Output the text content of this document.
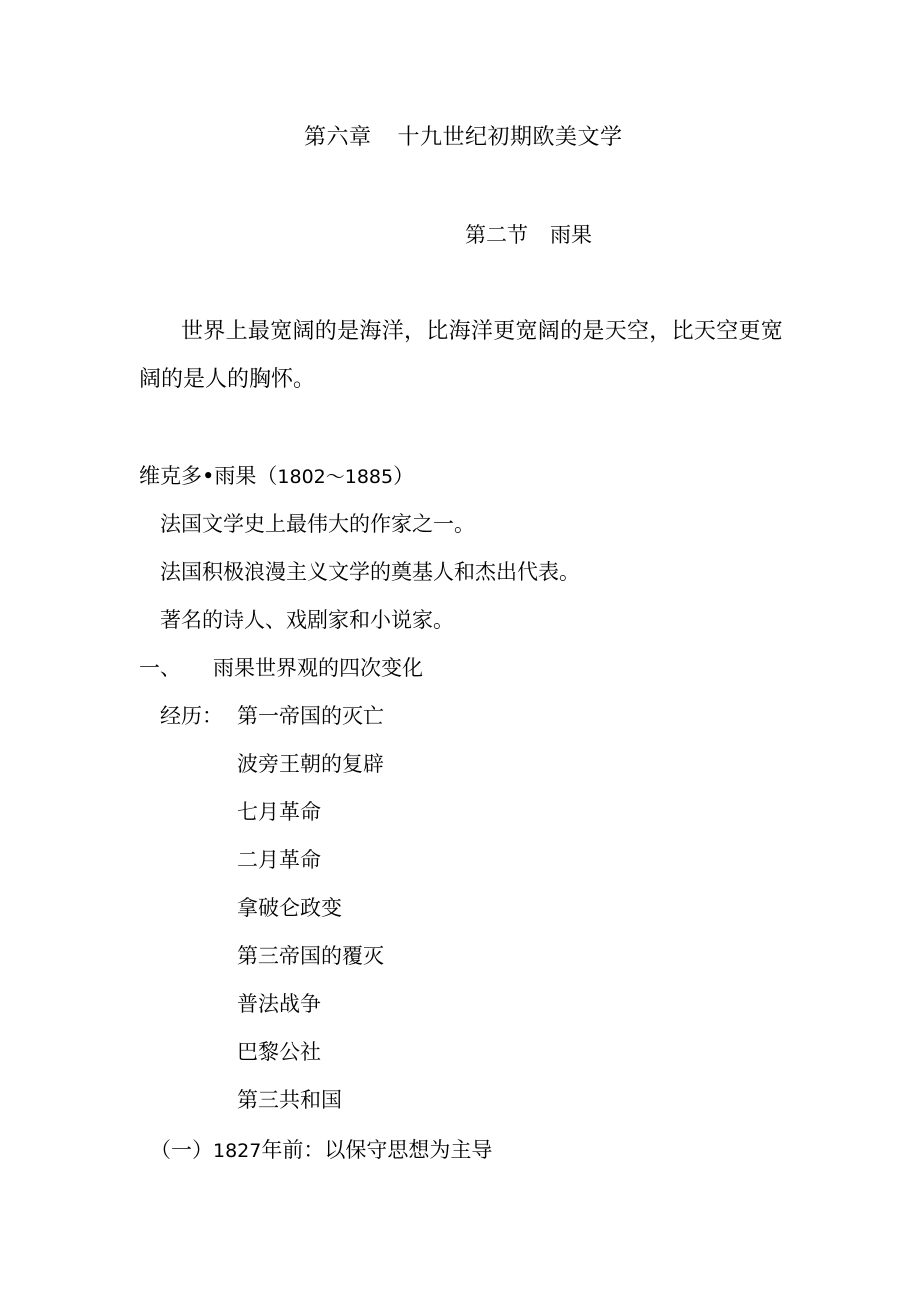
第六章 十九世纪初期欧美文学
第二节 雨果
世界上最宽阔的是海洋，比海洋更宽阔的是天空，比天空更宽
阔的是人的胸怀。
维克多•雨果（1802～1885）
法国文学史上最伟大的作家之一。
法国积极浪漫主义文学的奠基人和杰出代表。
著名的诗人、戏剧家和小说家。
一、 雨果世界观的四次变化
经历： 第一帝国的灭亡
波旁王朝的复辟
七月革命
二月革命
拿破仑政变
第三帝国的覆灭
普法战争
巴黎公社
第三共和国
（一）1827年前：以保守思想为主导
